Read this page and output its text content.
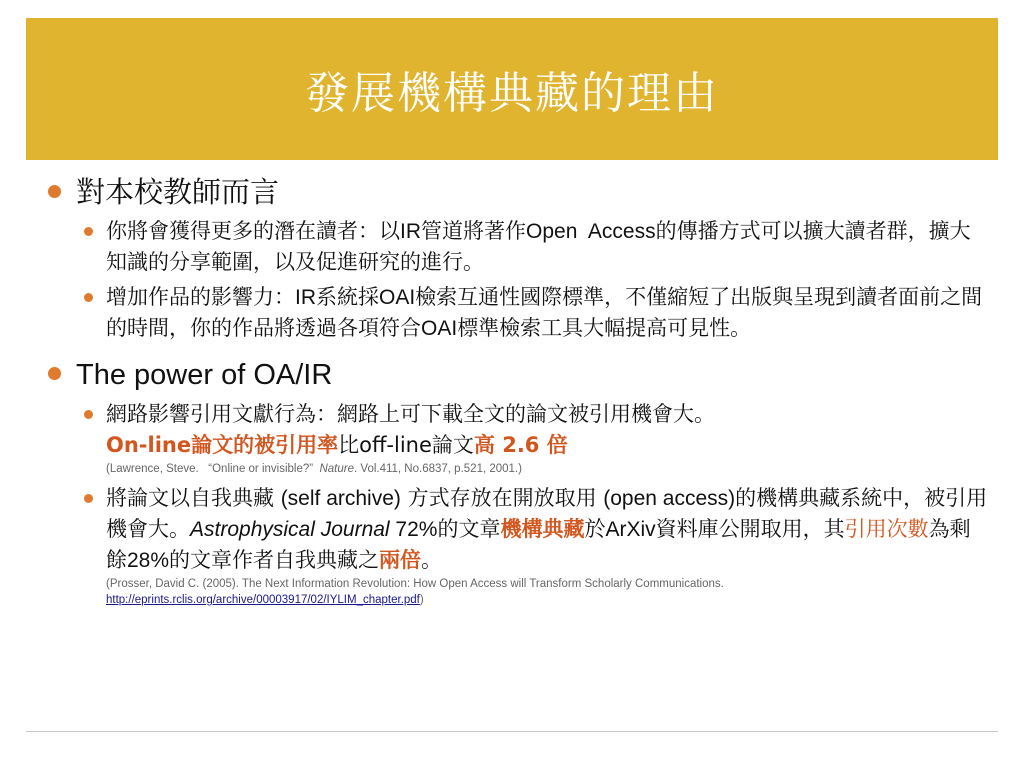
發展機構典藏的理由
對本校教師而言
你將會獲得更多的潛在讀者：以IR管道將著作Open  Access的傳播方式可以擴大讀者群，擴大知識的分享範圍，以及促進研究的進行。
增加作品的影響力：IR系統採OAI檢索互通性國際標準，不僅縮短了出版與呈現到讀者面前之間的時間，你的作品將透過各項符合OAI標準檢索工具大幅提高可見性。
The power of OA/IR
網路影響引用文獻行為：網路上可下載全文的論文被引用機會大。
On-line論文的被引用率比off-line論文高 2.6 倍
(Lawrence, Steve.   “Online or invisible?”  Nature. Vol.411, No.6837, p.521, 2001.)
將論文以自我典藏 (self archive) 方式存放在開放取用 (open access)的機構典藏系統中，被引用機會大。Astrophysical Journal 72%的文章機構典藏於ArXiv資料庫公開取用，其引用次數為剩餘28%的文章作者自我典藏之兩倍。
(Prosser, David C. (2005). The Next Information Revolution: How Open Access will Transform Scholarly Communications.
http://eprints.rclis.org/archive/00003917/02/IYLIM_chapter.pdf)
